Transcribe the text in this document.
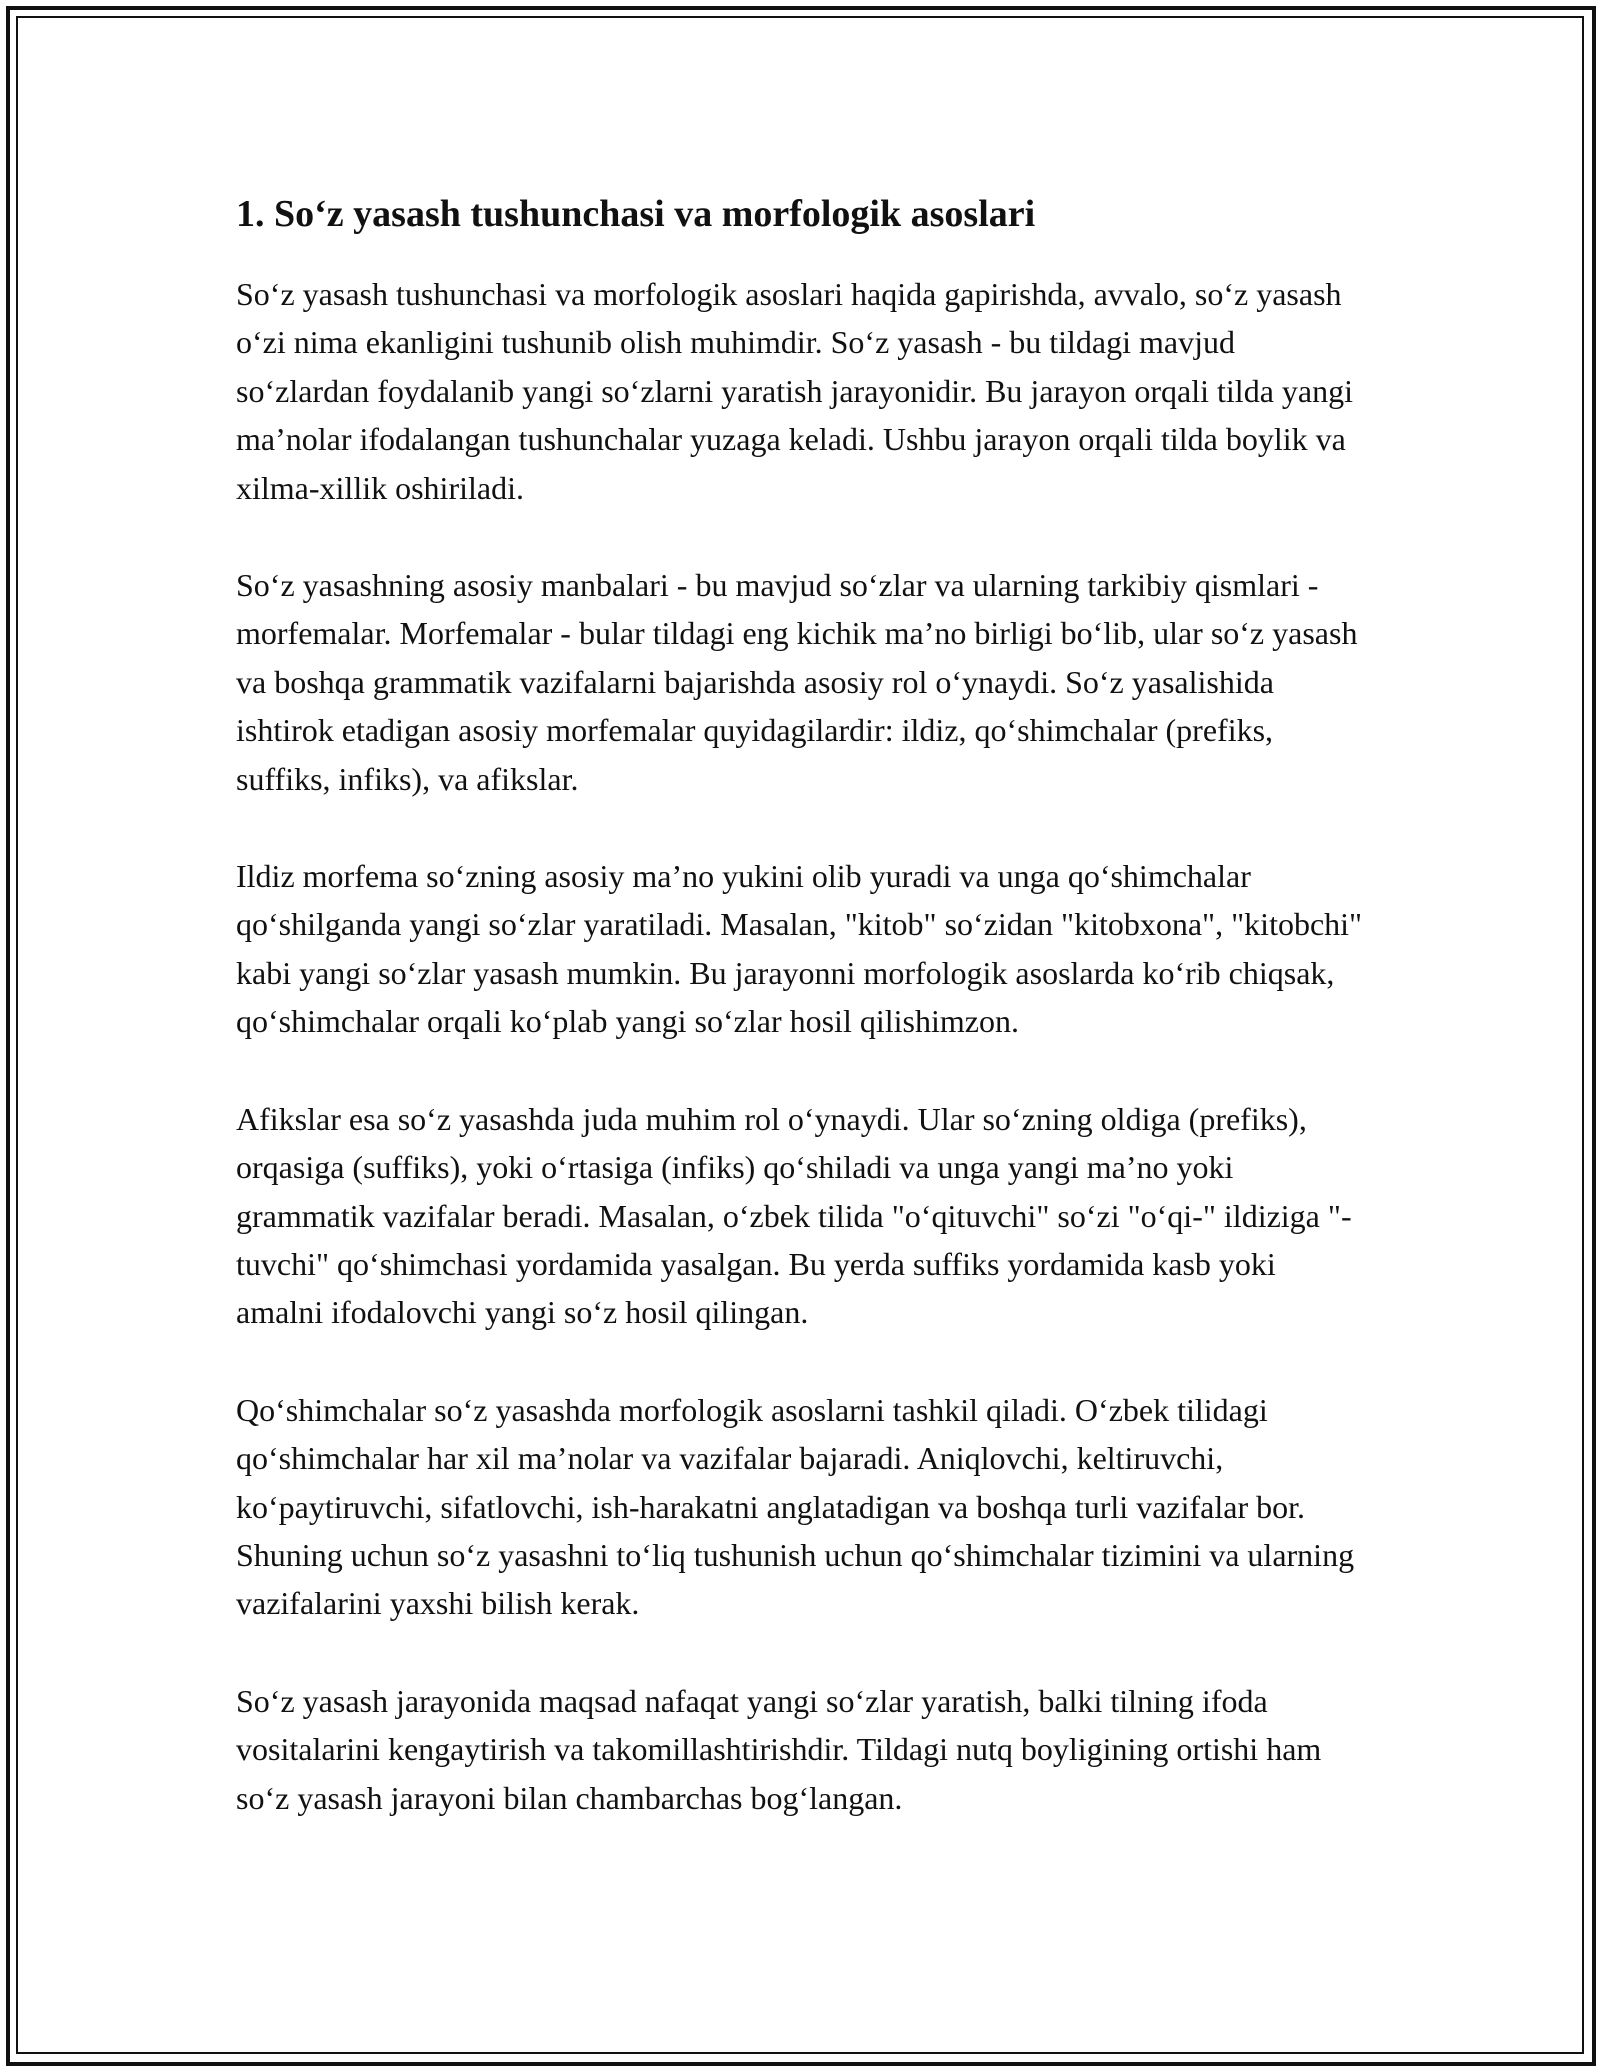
1. So‘z yasash tushunchasi va morfologik asoslari

So‘z yasash tushunchasi va morfologik asoslari haqida gapirishda, avvalo, so‘z yasash o‘zi nima ekanligini tushunib olish muhimdir. So‘z yasash - bu tildagi mavjud so‘zlardan foydalanib yangi so‘zlarni yaratish jarayonidir. Bu jarayon orqali tilda yangi ma’nolar ifodalangan tushunchalar yuzaga keladi. Ushbu jarayon orqali tilda boylik va xilma-xillik oshiriladi.

So‘z yasashning asosiy manbalari - bu mavjud so‘zlar va ularning tarkibiy qismlari - morfemalar. Morfemalar - bular tildagi eng kichik ma’no birligi bo‘lib, ular so‘z yasash va boshqa grammatik vazifalarni bajarishda asosiy rol o‘ynaydi. So‘z yasalishida ishtirok etadigan asosiy morfemalar quyidagilardir: ildiz, qo‘shimchalar (prefiks, suffiks, infiks), va afikslar.

Ildiz morfema so‘zning asosiy ma’no yukini olib yuradi va unga qo‘shimchalar qo‘shilganda yangi so‘zlar yaratiladi. Masalan, "kitob" so‘zidan "kitobxona", "kitobchi" kabi yangi so‘zlar yasash mumkin. Bu jarayonni morfologik asoslarda ko‘rib chiqsak, qo‘shimchalar orqali ko‘plab yangi so‘zlar hosil qilishimzon.

Afikslar esa so‘z yasashda juda muhim rol o‘ynaydi. Ular so‘zning oldiga (prefiks), orqasiga (suffiks), yoki o‘rtasiga (infiks) qo‘shiladi va unga yangi ma’no yoki grammatik vazifalar beradi. Masalan, o‘zbek tilida "o‘qituvchi" so‘zi "o‘qi-" ildiziga "-tuvchi" qo‘shimchasi yordamida yasalgan. Bu yerda suffiks yordamida kasb yoki amalni ifodalovchi yangi so‘z hosil qilingan.

Qo‘shimchalar so‘z yasashda morfologik asoslarni tashkil qiladi. O‘zbek tilidagi qo‘shimchalar har xil ma’nolar va vazifalar bajaradi. Aniqlovchi, keltiruvchi, ko‘paytiruvchi, sifatlovchi, ish-harakatni anglatadigan va boshqa turli vazifalar bor. Shuning uchun so‘z yasashni to‘liq tushunish uchun qo‘shimchalar tizimini va ularning vazifalarini yaxshi bilish kerak.

So‘z yasash jarayonida maqsad nafaqat yangi so‘zlar yaratish, balki tilning ifoda vositalarini kengaytirish va takomillashtirishdir. Tildagi nutq boyligining ortishi ham so‘z yasash jarayoni bilan chambarchas bog‘langan.
